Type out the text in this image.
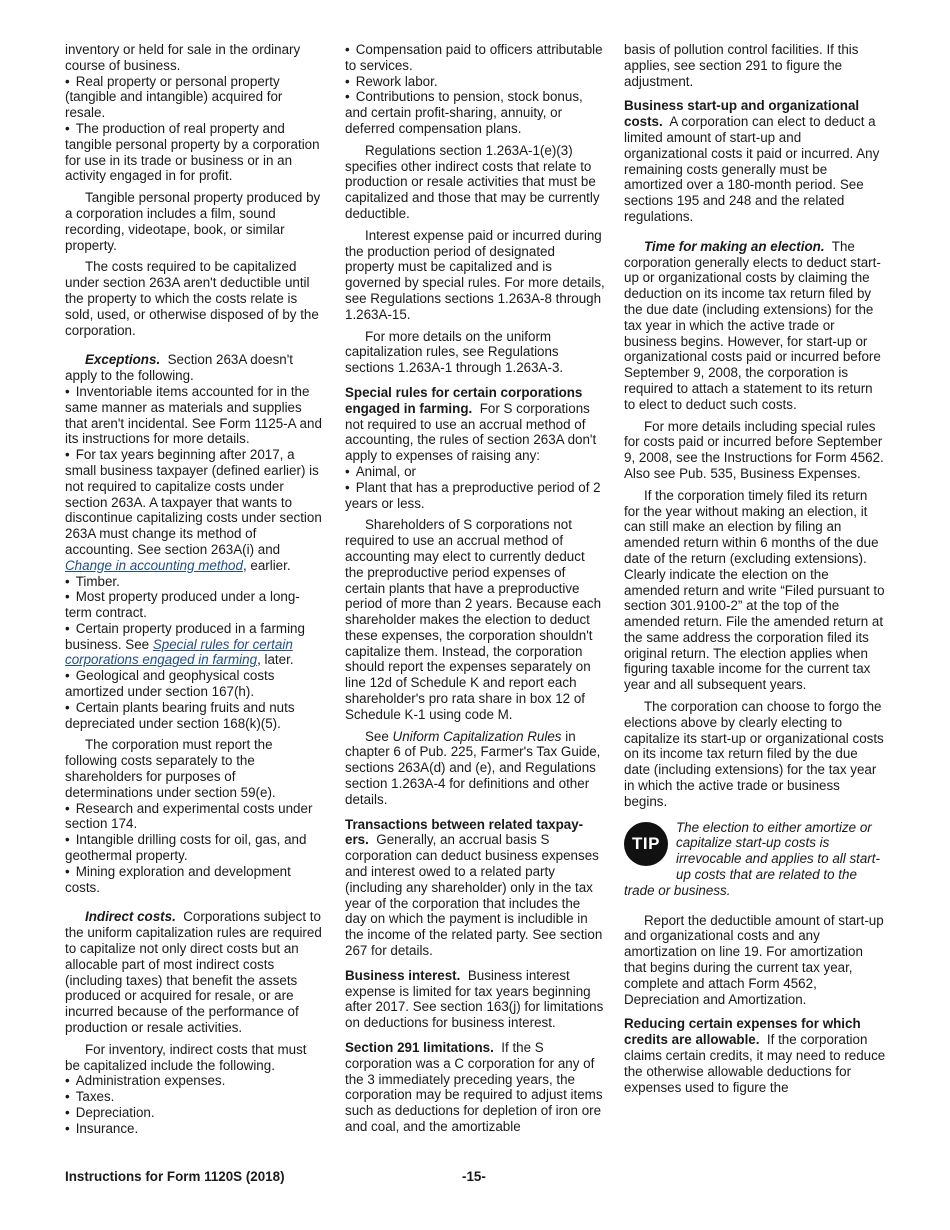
inventory or held for sale in the ordinary course of business.

• Real property or personal property (tangible and intangible) acquired for resale.

• The production of real property and tangible personal property by a corporation for use in its trade or business or in an activity engaged in for profit.

Tangible personal property produced by a corporation includes a film, sound recording, videotape, book, or similar property.

The costs required to be capitalized under section 263A aren't deductible until the property to which the costs relate is sold, used, or otherwise disposed of by the corporation.

Exceptions. Section 263A doesn't apply to the following.

• Inventoriable items accounted for in the same manner as materials and supplies that aren't incidental. See Form 1125-A and its instructions for more details.

• For tax years beginning after 2017, a small business taxpayer (defined earlier) is not required to capitalize costs under section 263A. A taxpayer that wants to discontinue capitalizing costs under section 263A must change its method of accounting. See section 263A(i) and Change in accounting method, earlier.

• Timber.

• Most property produced under a long-term contract.

• Certain property produced in a farming business. See Special rules for certain corporations engaged in farming, later.

• Geological and geophysical costs amortized under section 167(h).

• Certain plants bearing fruits and nuts depreciated under section 168(k)(5).

The corporation must report the following costs separately to the shareholders for purposes of determinations under section 59(e).

• Research and experimental costs under section 174.

• Intangible drilling costs for oil, gas, and geothermal property.

• Mining exploration and development costs.

Indirect costs. Corporations subject to the uniform capitalization rules are required to capitalize not only direct costs but an allocable part of most indirect costs (including taxes) that benefit the assets produced or acquired for resale, or are incurred because of the performance of production or resale activities.

For inventory, indirect costs that must be capitalized include the following.

• Administration expenses.

• Taxes.

• Depreciation.

• Insurance.

• Compensation paid to officers attributable to services.

• Rework labor.

• Contributions to pension, stock bonus, and certain profit-sharing, annuity, or deferred compensation plans.

Regulations section 1.263A-1(e)(3) specifies other indirect costs that relate to production or resale activities that must be capitalized and those that may be currently deductible.

Interest expense paid or incurred during the production period of designated property must be capitalized and is governed by special rules. For more details, see Regulations sections 1.263A-8 through 1.263A-15.

For more details on the uniform capitalization rules, see Regulations sections 1.263A-1 through 1.263A-3.

Special rules for certain corporations engaged in farming. For S corporations not required to use an accrual method of accounting, the rules of section 263A don't apply to expenses of raising any:

• Animal, or

• Plant that has a preproductive period of 2 years or less.

Shareholders of S corporations not required to use an accrual method of accounting may elect to currently deduct the preproductive period expenses of certain plants that have a preproductive period of more than 2 years. Because each shareholder makes the election to deduct these expenses, the corporation shouldn't capitalize them. Instead, the corporation should report the expenses separately on line 12d of Schedule K and report each shareholder's pro rata share in box 12 of Schedule K-1 using code M.

See Uniform Capitalization Rules in chapter 6 of Pub. 225, Farmer's Tax Guide, sections 263A(d) and (e), and Regulations section 1.263A-4 for definitions and other details.

Transactions between related taxpay-ers. Generally, an accrual basis S corporation can deduct business expenses and interest owed to a related party (including any shareholder) only in the tax year of the corporation that includes the day on which the payment is includible in the income of the related party. See section 267 for details.

Business interest. Business interest expense is limited for tax years beginning after 2017. See section 163(j) for limitations on deductions for business interest.

Section 291 limitations. If the S corporation was a C corporation for any of the 3 immediately preceding years, the corporation may be required to adjust items such as deductions for depletion of iron ore and coal, and the amortizable

basis of pollution control facilities. If this applies, see section 291 to figure the adjustment.

Business start-up and organizational costs. A corporation can elect to deduct a limited amount of start-up and organizational costs it paid or incurred. Any remaining costs generally must be amortized over a 180-month period. See sections 195 and 248 and the related regulations.

Time for making an election. The corporation generally elects to deduct start-up or organizational costs by claiming the deduction on its income tax return filed by the due date (including extensions) for the tax year in which the active trade or business begins. However, for start-up or organizational costs paid or incurred before September 9, 2008, the corporation is required to attach a statement to its return to elect to deduct such costs.

For more details including special rules for costs paid or incurred before September 9, 2008, see the Instructions for Form 4562. Also see Pub. 535, Business Expenses.

If the corporation timely filed its return for the year without making an election, it can still make an election by filing an amended return within 6 months of the due date of the return (excluding extensions). Clearly indicate the election on the amended return and write “Filed pursuant to section 301.9100-2” at the top of the amended return. File the amended return at the same address the corporation filed its original return. The election applies when figuring taxable income for the current tax year and all subsequent years.

The corporation can choose to forgo the elections above by clearly electing to capitalize its start-up or organizational costs on its income tax return filed by the due date (including extensions) for the tax year in which the active trade or business begins.

TIP
The election to either amortize or capitalize start-up costs is irrevocable and applies to all start-up costs that are related to the trade or business.

Report the deductible amount of start-up and organizational costs and any amortization on line 19. For amortization that begins during the current tax year, complete and attach Form 4562, Depreciation and Amortization.

Reducing certain expenses for which credits are allowable. If the corporation claims certain credits, it may need to reduce the otherwise allowable deductions for expenses used to figure the

Instructions for Form 1120S (2018)	-15-
